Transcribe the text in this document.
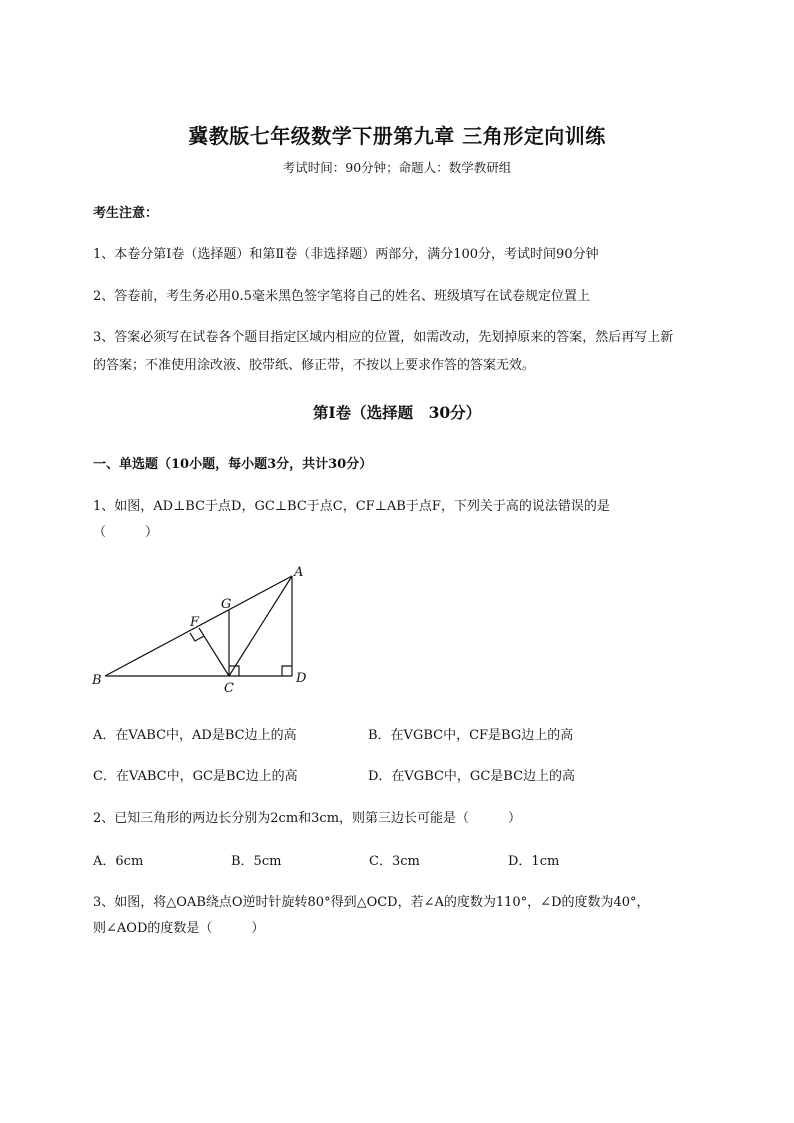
冀教版七年级数学下册第九章 三角形定向训练
考试时间：90分钟；命题人：数学教研组
考生注意：
1、本卷分第I卷（选择题）和第Ⅱ卷（非选择题）两部分，满分100分，考试时间90分钟
2、答卷前，考生务必用0.5毫米黑色签字笔将自己的姓名、班级填写在试卷规定位置上
3、答案必须写在试卷各个题目指定区域内相应的位置，如需改动，先划掉原来的答案，然后再写上新
的答案；不准使用涂改液、胶带纸、修正带，不按以上要求作答的答案无效。
第I卷（选择题　30分）
一、单选题（10小题，每小题3分，共计30分）
1、如图，AD⊥BC于点D，GC⊥BC于点C，CF⊥AB于点F，下列关于高的说法错误的是
（　　　）
A
B
C
D
F
G
A．在VABC中，AD是BC边上的高	B．在VGBC中，CF是BG边上的高
C．在VABC中，GC是BC边上的高	D．在VGBC中，GC是BC边上的高
2、已知三角形的两边长分别为2cm和3cm，则第三边长可能是（　　　）
A．6cm	B．5cm	C．3cm	D．1cm
3、如图，将△OAB绕点O逆时针旋转80°得到△OCD，若∠A的度数为110°，∠D的度数为40°，
则∠AOD的度数是（　　　）
